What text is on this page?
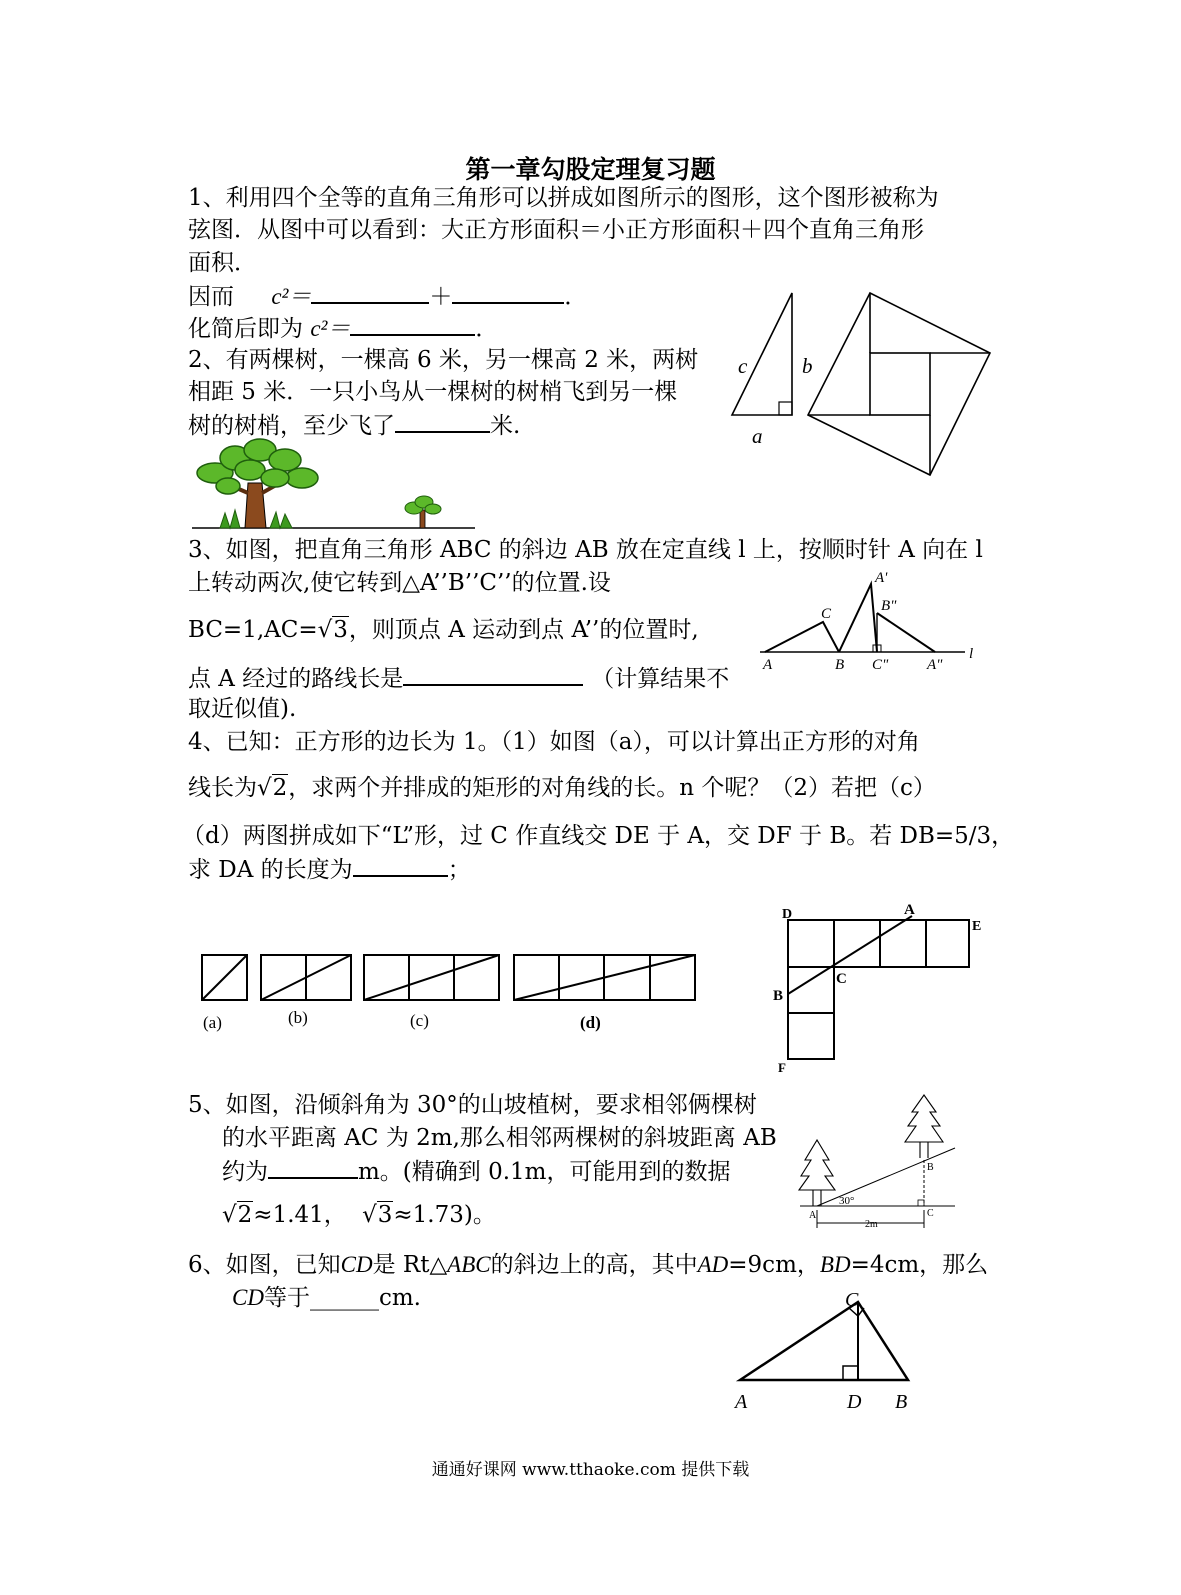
第一章勾股定理复习题
1、利用四个全等的直角三角形可以拼成如图所示的图形，这个图形被称为
弦图．从图中可以看到：大正方形面积＝小正方形面积＋四个直角三角形
面积．
因而 c²＝	＋	．
化简后即为 c²＝	．
c	b
a
2、有两棵树，一棵高 6 米，另一棵高 2 米，两树
相距 5 米．一只小鸟从一棵树的树梢飞到另一棵
树的树梢，至少飞了	米.
3、如图，把直角三角形 ABC 的斜边 AB 放在定直线 l 上，按顺时针 A 向在 l
上转动两次,使它转到△A’’B’’C’’的位置.设
BC=1,AC=√3，则顶点 A 运动到点 A’’的位置时,
点 A 经过的路线长是	（计算结果不
取近似值).
A
C
B
A'
B"
C"	A"
l
4、已知：正方形的边长为 1。（1）如图（a），可以计算出正方形的对角
线长为√2，求两个并排成的矩形的对角线的长。n 个呢？（2）若把（c）
（d）两图拼成如下“L”形，过 C 作直线交 DE 于 A，交 DF 于 B。若 DB=5/3，
求 DA 的长度为	；
(a)	(b)	(c)	(d)
D	A
E
C
B
F
5、如图，沿倾斜角为 30°的山坡植树，要求相邻俩棵树
的水平距离 AC 为 2m,那么相邻两棵树的斜坡距离 AB
约为	m。(精确到 0.1m，可能用到的数据
√2≈1.41， √3≈1.73)。	A
B
C
30°
2m
6、如图，已知CD是 Rt△ABC的斜边上的高，其中AD=9cm，BD=4cm，那么
CD等于______cm.
A
C
D B
通通好课网 www.tthaoke.com 提供下载
